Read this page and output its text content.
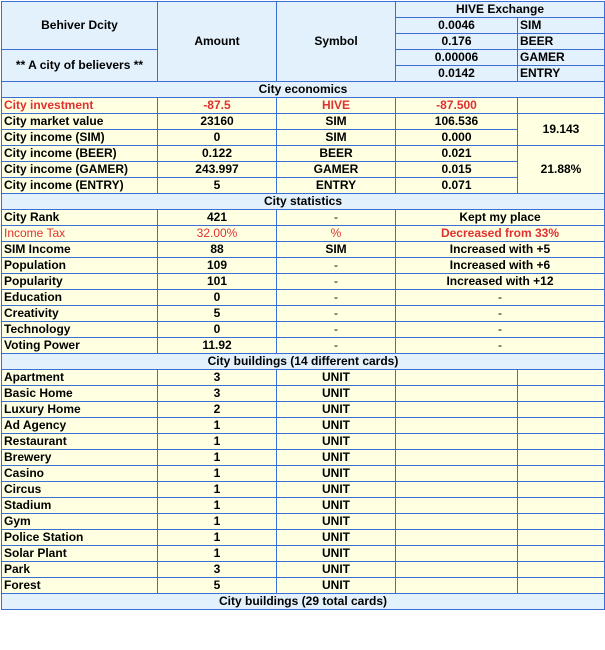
Behiver Dcity	Amount	Symbol	HIVE Exchange	
			0.0046	SIM
			0.176	BEER
** A city of believers **			0.00006	GAMER
			0.0142	ENTRY
City economics				
City investment	-87.5	HIVE	-87.500	
City market value	23160	SIM	106.536	19.143
City income (SIM)	0	SIM	0.000	
City income (BEER)	0.122	BEER	0.021	21.88%
City income (GAMER)	243.997	GAMER	0.015	
City income (ENTRY)	5	ENTRY	0.071	
City statistics				
City Rank	421	-	Kept my place	
Income Tax	32.00%	%	Decreased from 33%	
SIM Income	88	SIM	Increased with +5	
Population	109	-	Increased with +6	
Popularity	101	-	Increased with +12	
Education	0	-	-	
Creativity	5	-	-	
Technology	0	-	-	
Voting Power	11.92	-	-	
City buildings (14 different cards)				
Apartment	3	UNIT		
Basic Home	3	UNIT		
Luxury Home	2	UNIT		
Ad Agency	1	UNIT		
Restaurant	1	UNIT		
Brewery	1	UNIT		
Casino	1	UNIT		
Circus	1	UNIT		
Stadium	1	UNIT		
Gym	1	UNIT		
Police Station	1	UNIT		
Solar Plant	1	UNIT		
Park	3	UNIT		
Forest	5	UNIT		
City buildings (29 total cards)				
